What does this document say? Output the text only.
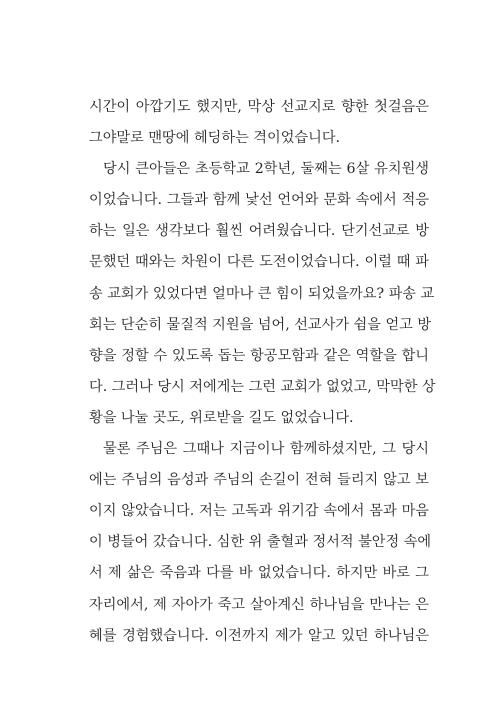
시간이 아깝기도 했지만, 막상 선교지로 향한 첫걸음은
그야말로 맨땅에 헤딩하는 격이었습니다.
당시 큰아들은 초등학교 2학년, 둘째는 6살 유치원생
이었습니다. 그들과 함께 낯선 언어와 문화 속에서 적응
하는 일은 생각보다 훨씬 어려웠습니다. 단기선교로 방
문했던 때와는 차원이 다른 도전이었습니다. 이럴 때 파
송 교회가 있었다면 얼마나 큰 힘이 되었을까요? 파송 교
회는 단순히 물질적 지원을 넘어, 선교사가 쉼을 얻고 방
향을 정할 수 있도록 돕는 항공모함과 같은 역할을 합니
다. 그러나 당시 저에게는 그런 교회가 없었고, 막막한 상
황을 나눌 곳도, 위로받을 길도 없었습니다.
물론 주님은 그때나 지금이나 함께하셨지만, 그 당시
에는 주님의 음성과 주님의 손길이 전혀 들리지 않고 보
이지 않았습니다. 저는 고독과 위기감 속에서 몸과 마음
이 병들어 갔습니다. 심한 위 출혈과 정서적 불안정 속에
서 제 삶은 죽음과 다를 바 없었습니다. 하지만 바로 그
자리에서, 제 자아가 죽고 살아계신 하나님을 만나는 은
혜를 경험했습니다. 이전까지 제가 알고 있던 하나님은
